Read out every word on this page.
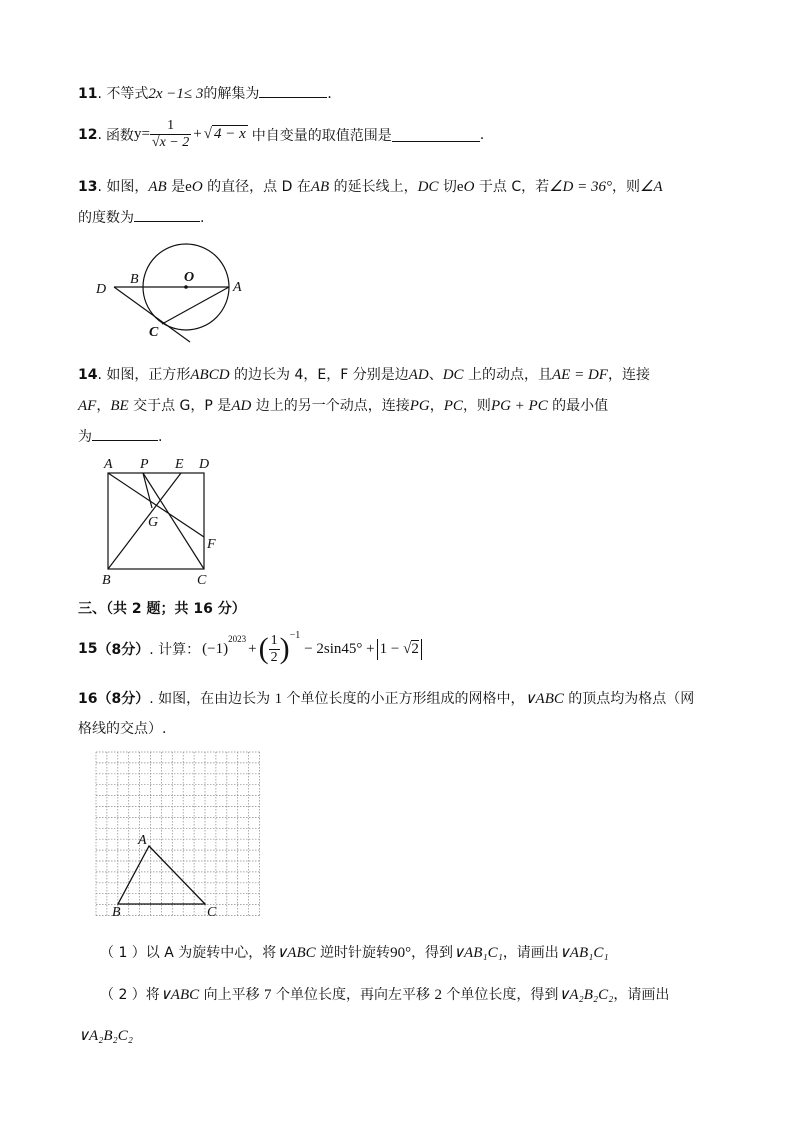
11. 不等式2x −1≤ 3的解集为	．
12 . 函数 $y = \frac{1}{√x - 2}$ + √ 4 − x 中自变量的取值范围是	.
13. 如图，AB 是eO 的直径，点 D 在AB 的延长线上，DC 切eO 于点 C，若∠D = 36°，则∠A
的度数为	.
D
B	O
A
C
14. 如图，正方形ABCD 的边长为 4，E，F 分别是边AD、DC 上的动点，且AE = DF，连接
AF，BE 交于点 G，P 是AD 边上的另一个动点，连接PG，PC，则PG + PC 的最小值
为	.
A P E D
G
F
B	C
三、（共 2 题；共 16 分）
15 （8分） . 计算： (−1)
$^{2023}$
+ ( $\frac{1}{2} )^{-1}$
− 2sin45° + 1 − √2
16（8分）. 如图，在由边长为 1 个单位长度的小正方形组成的网格中，∨ABC 的顶点均为格点（网
格线的交点）.
A
B	C
（ 1 ）以 A 为旋转中心，将∨ABC 逆时针旋转90°，得到∨AB₁C₁，请画出∨AB₁C₁
（ 2 ）将∨ABC 向上平移 7 个单位长度，再向左平移 2 个单位长度，得到∨A₂B₂C₂，请画出
∨A₂B₂C₂
